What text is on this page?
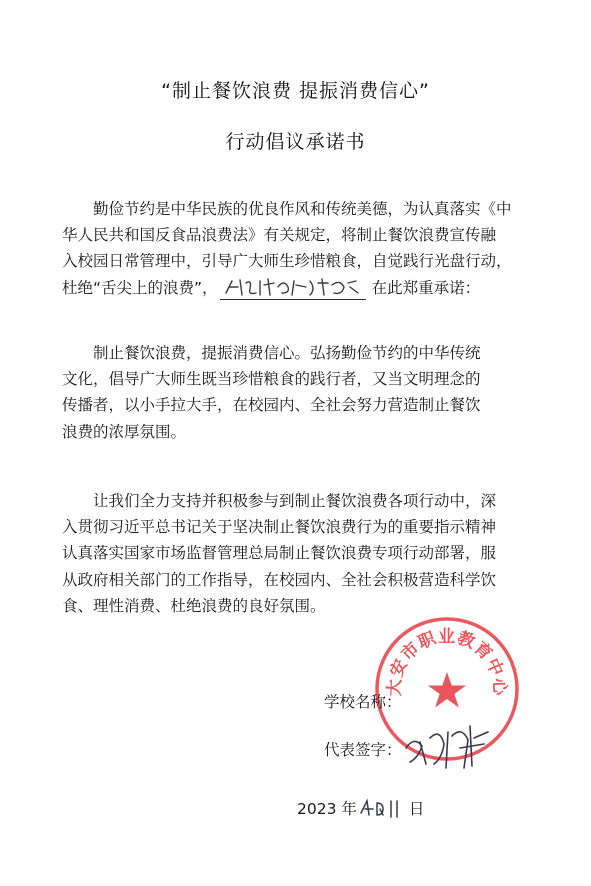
“制止餐饮浪费 提振消费信心”
行动倡议承诺书
勤俭节约是中华民族的优良作风和传统美德，为认真落实《中
华人民共和国反食品浪费法》有关规定，将制止餐饮浪费宣传融
入校园日常管理中，引导广大师生珍惜粮食，自觉践行光盘行动，
杜绝“舌尖上的浪费”，	在此郑重承诺：
制止餐饮浪费，提振消费信心。弘扬勤俭节约的中华传统
文化，倡导广大师生既当珍惜粮食的践行者，又当文明理念的
传播者，以小手拉大手，在校园内、全社会努力营造制止餐饮
浪费的浓厚氛围。
让我们全力支持并积极参与到制止餐饮浪费各项行动中，深
入贯彻习近平总书记关于坚决制止餐饮浪费行为的重要指示精神
认真落实国家市场监督管理总局制止餐饮浪费专项行动部署，服
从政府相关部门的工作指导，在校园内、全社会积极营造科学饮
食、理性消费、杜绝浪费的良好氛围。
大安市职业教育中心
学校名称：
代表签字：
2023 年	日
